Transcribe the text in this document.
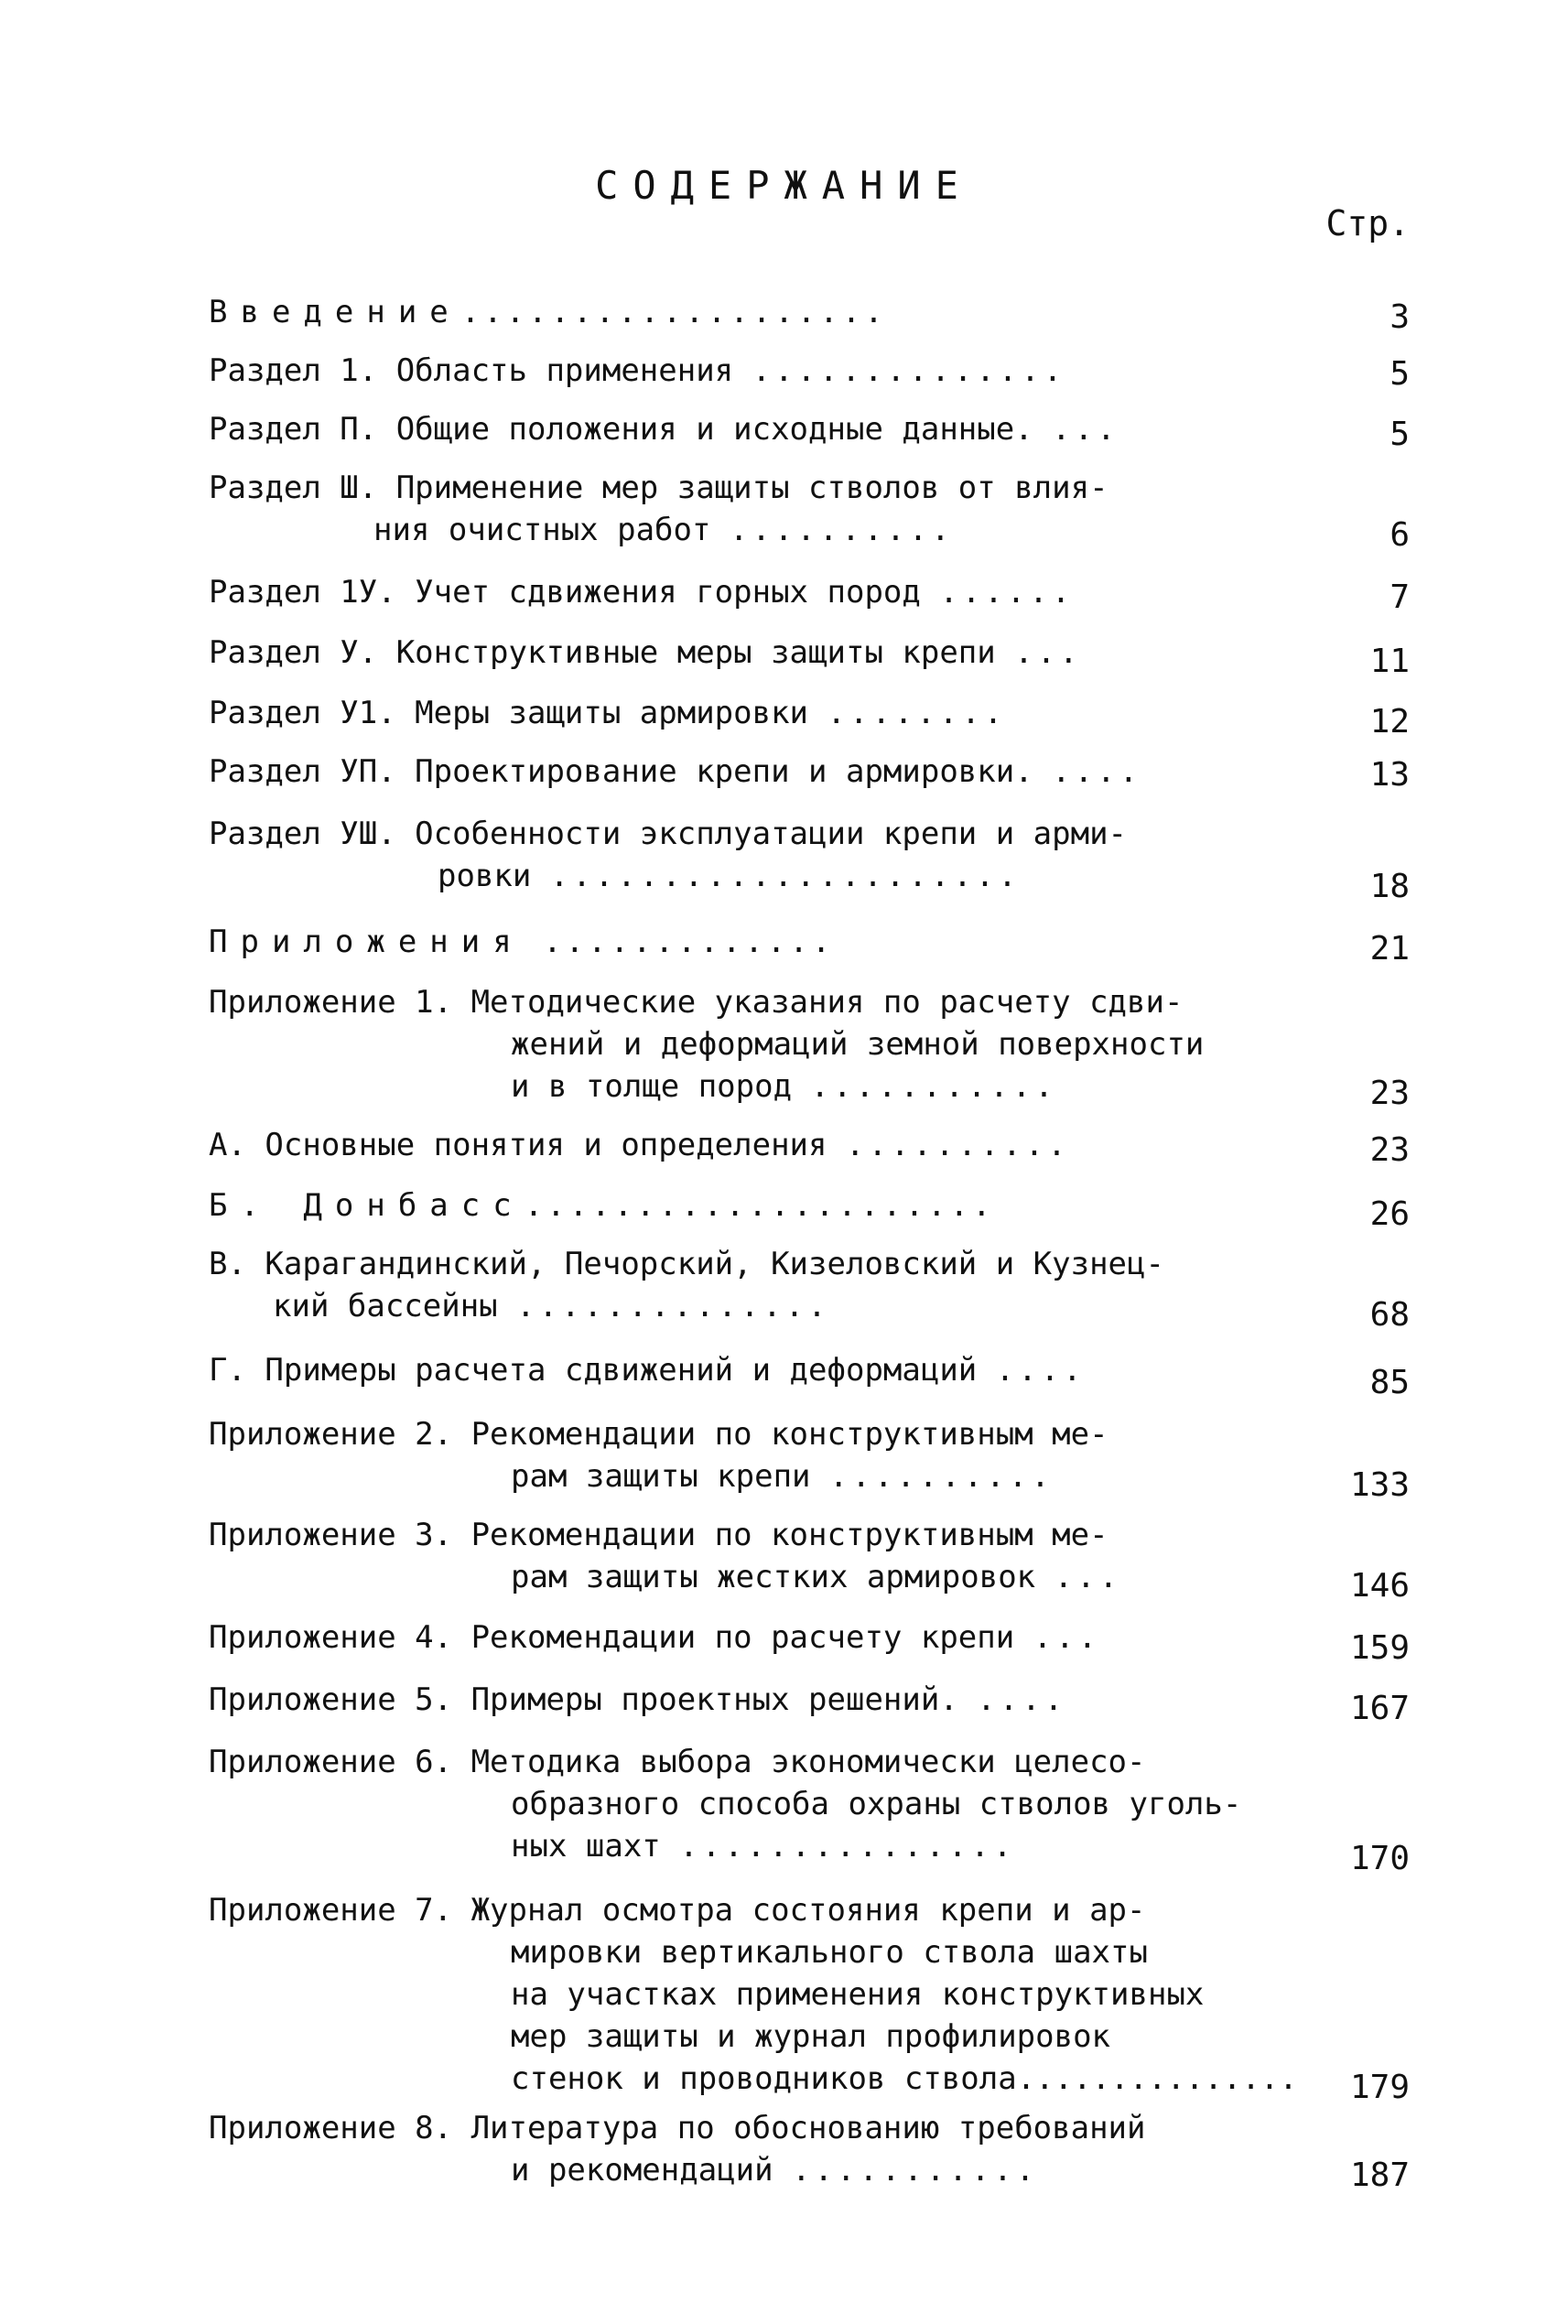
СОДЕРЖАНИЕ
Стр.
Введение...................	3
Раздел 1. Область применения ..............	5
Раздел П. Общие положения и исходные данные. ...	5
Раздел Ш. Применение мер защиты стволов от влия-
ния очистных работ ..........	6
Раздел 1У. Учет сдвижения горных пород ......	7
Раздел У. Конструктивные меры защиты крепи ...	11
Раздел У1. Меры защиты армировки ........	12
Раздел УП. Проектирование крепи и армировки. ....	13
Раздел УШ. Особенности эксплуатации крепи и арми-
ровки .....................	18
Приложения .............	21
Приложение 1. Методические указания по расчету сдви-
жений и деформаций земной поверхности
и в толще пород ...........	23
А. Основные понятия и определения ..........	23
Б. Донбасс.....................	26
В. Карагандинский, Печорский, Кизеловский и Кузнец-
кий бассейны ..............	68
Г. Примеры расчета сдвижений и деформаций ....	85
Приложение 2. Рекомендации по конструктивным ме-
рам защиты крепи ..........	133
Приложение 3. Рекомендации по конструктивным ме-
рам защиты жестких армировок ...	146
Приложение 4. Рекомендации по расчету крепи ...	159
Приложение 5. Примеры проектных решений. ....	167
Приложение 6. Методика выбора экономически целесо-
образного способа охраны стволов уголь-
ных шахт ...............	170
Приложение 7. Журнал осмотра состояния крепи и ар-
мировки вертикального ствола шахты
на участках применения конструктивных
мер защиты и журнал профилировок
стенок и проводников ствола...............	179
Приложение 8. Литература по обоснованию требований
и рекомендаций ...........	187
